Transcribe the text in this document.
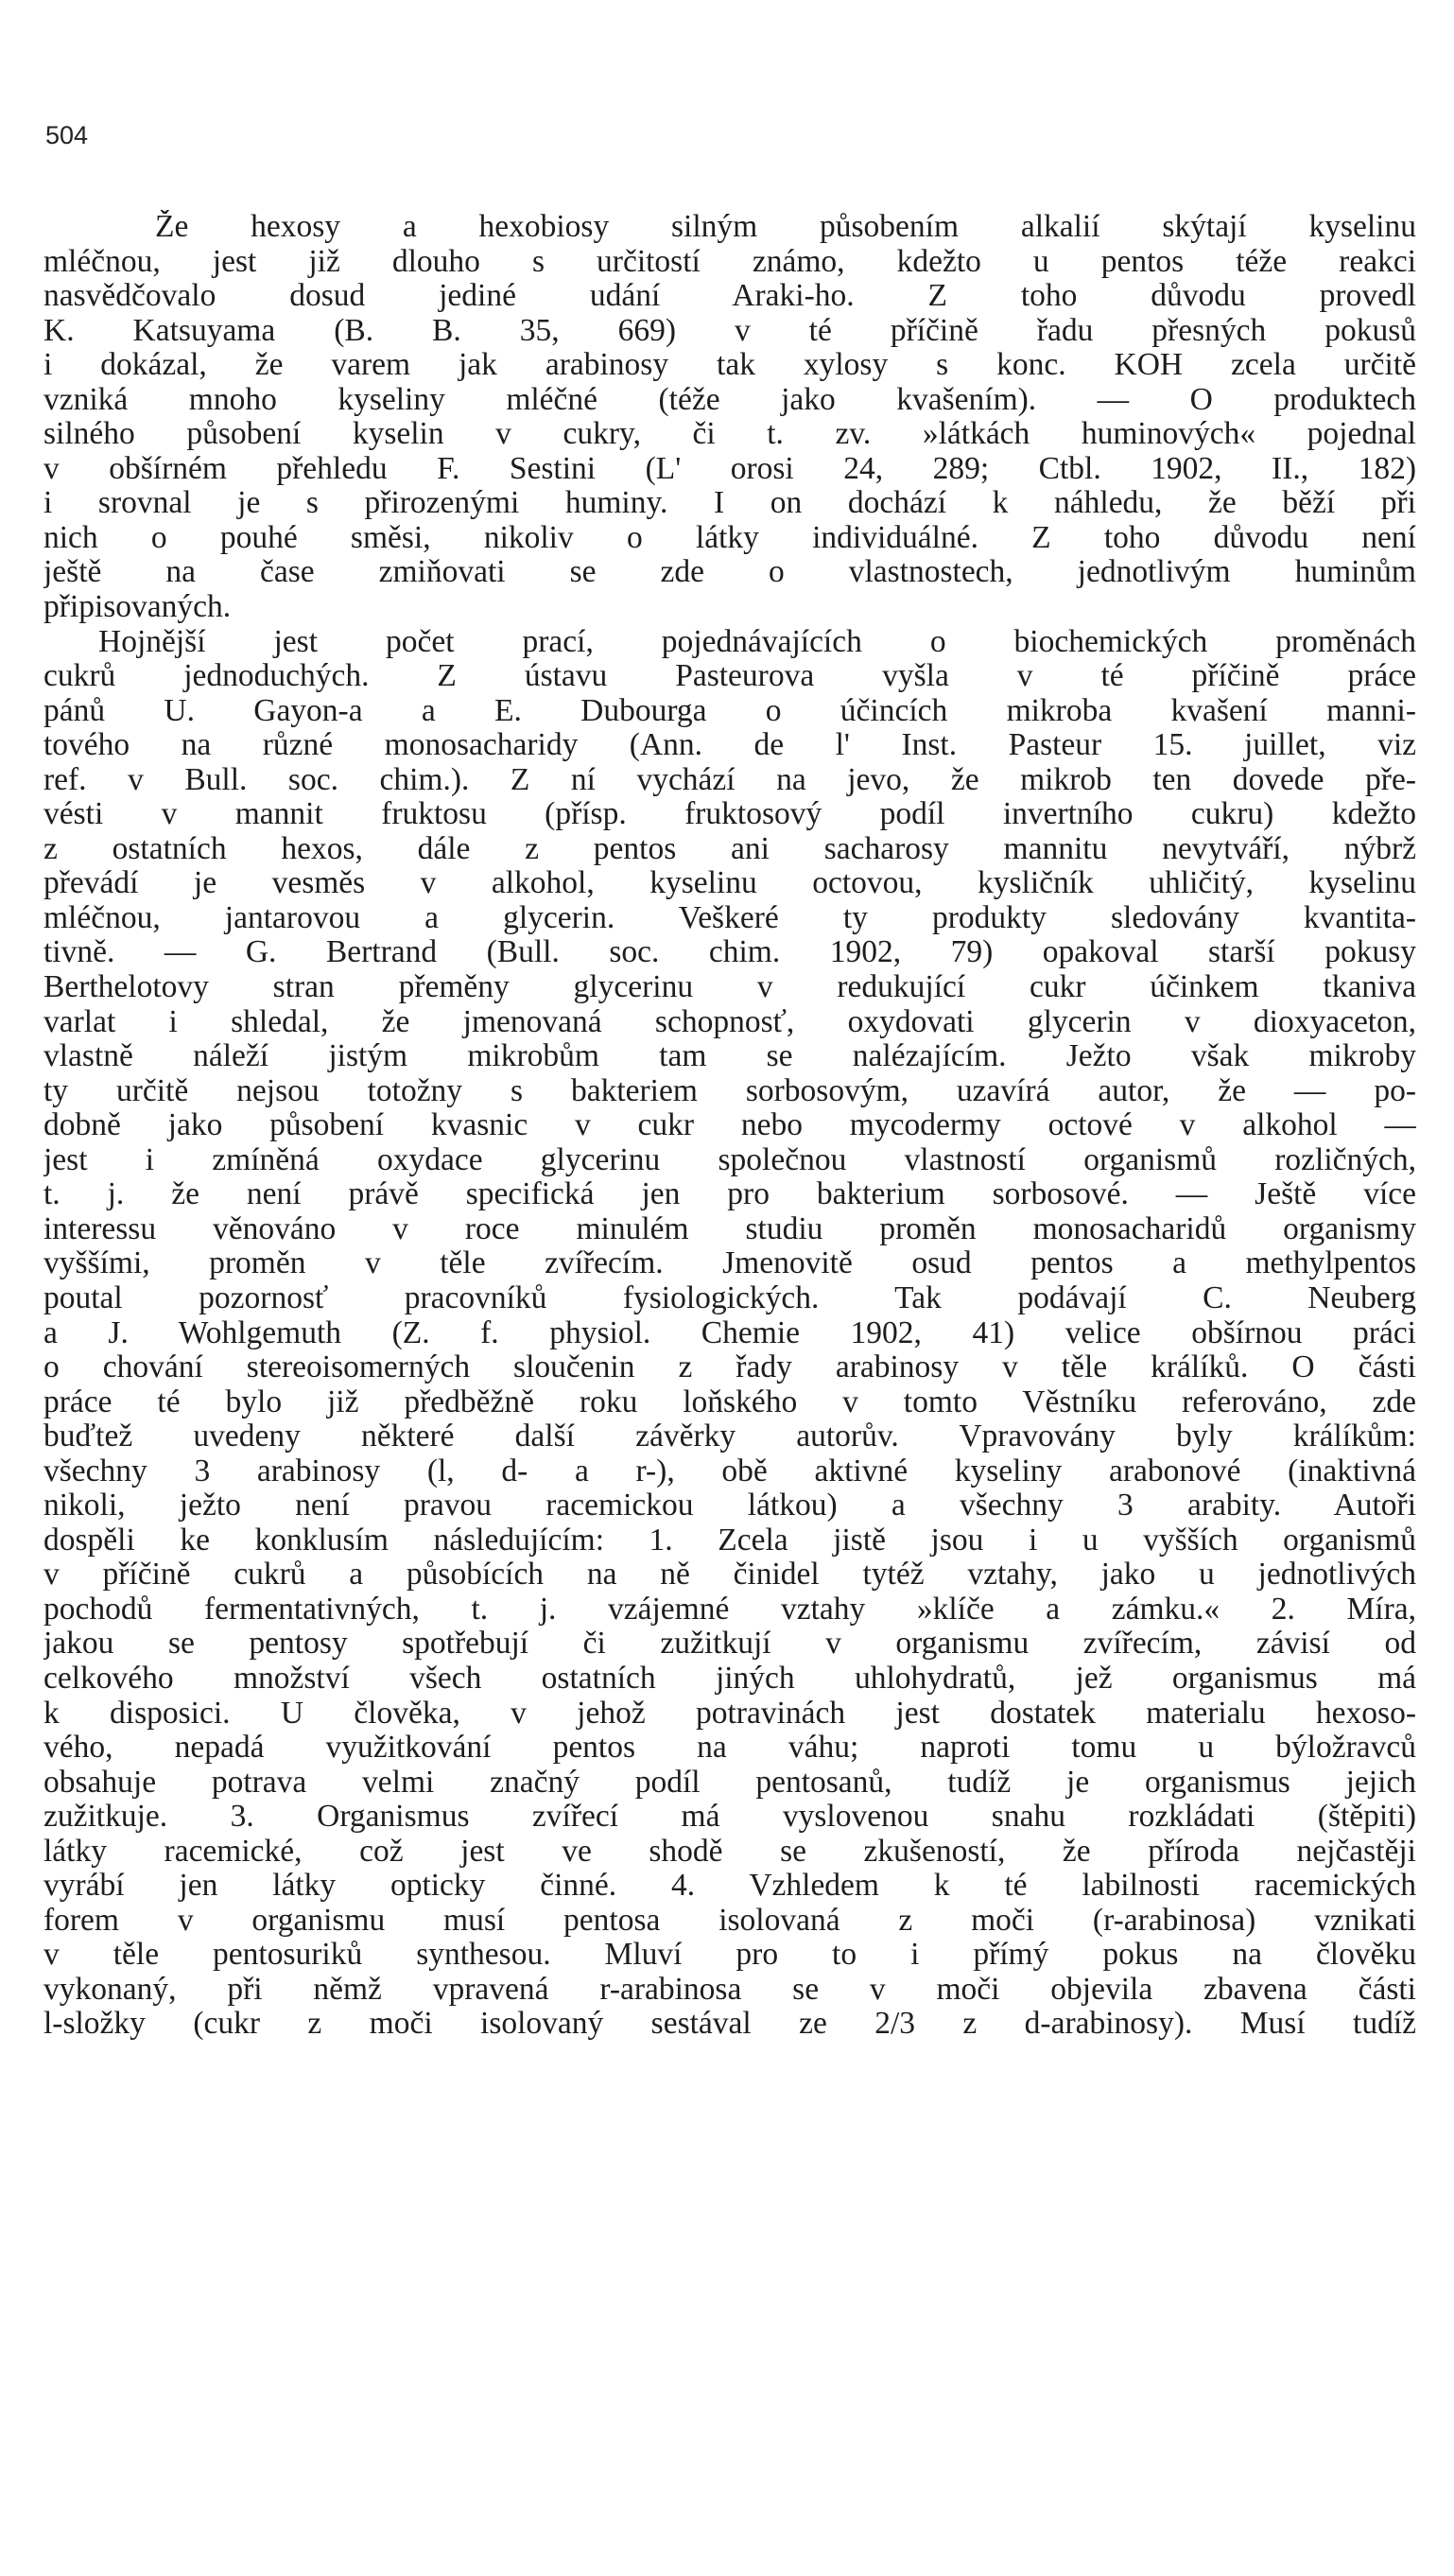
504
Že hexosy a hexobiosy silným působením alkalií skýtají kyselinu
mléčnou, jest již dlouho s určitostí známo, kdežto u pentos téže reakci
nasvědčovalo dosud jediné udání Araki-ho. Z toho důvodu provedl
K. Katsuyama (B. B. 35, 669) v té příčině řadu přesných pokusů
i dokázal, že varem jak arabinosy tak xylosy s konc. KOH zcela určitě
vzniká mnoho kyseliny mléčné (téže jako kvašením). — O produktech
silného působení kyselin v cukry, či t. zv. »látkách huminových« pojednal
v obšírném přehledu F. Sestini (L' orosi 24, 289; Ctbl. 1902, II., 182)
i srovnal je s přirozenými huminy. I on dochází k náhledu, že běží při
nich o pouhé směsi, nikoliv o látky individuálné. Z toho důvodu není
ještě na čase zmiňovati se zde o vlastnostech, jednotlivým huminům
připisovaných.
Hojnější jest počet prací, pojednávajících o biochemických proměnách
cukrů jednoduchých. Z ústavu Pasteurova vyšla v té příčině práce
pánů U. Gayon-a a E. Dubourga o účincích mikroba kvašení manni-
tového na různé monosacharidy (Ann. de l' Inst. Pasteur 15. juillet, viz
ref. v Bull. soc. chim.). Z ní vychází na jevo, že mikrob ten dovede pře-
vésti v mannit fruktosu (přísp. fruktosový podíl invertního cukru) kdežto
z ostatních hexos, dále z pentos ani sacharosy mannitu nevytváří, nýbrž
převádí je vesměs v alkohol, kyselinu octovou, kysličník uhličitý, kyselinu
mléčnou, jantarovou a glycerin. Veškeré ty produkty sledovány kvantita-
tivně. — G. Bertrand (Bull. soc. chim. 1902, 79) opakoval starší pokusy
Berthelotovy stran přeměny glycerinu v redukující cukr účinkem tkaniva
varlat i shledal, že jmenovaná schopnosť, oxydovati glycerin v dioxyaceton,
vlastně náleží jistým mikrobům tam se nalézajícím. Ježto však mikroby
ty určitě nejsou totožny s bakteriem sorbosovým, uzavírá autor, že — po-
dobně jako působení kvasnic v cukr nebo mycodermy octové v alkohol —
jest i zmíněná oxydace glycerinu společnou vlastností organismů rozličných,
t. j. že není právě specifická jen pro bakterium sorbosové. — Ještě více
interessu věnováno v roce minulém studiu proměn monosacharidů organismy
vyššími, proměn v těle zvířecím. Jmenovitě osud pentos a methylpentos
poutal pozornosť pracovníků fysiologických. Tak podávají C. Neuberg
a J. Wohlgemuth (Z. f. physiol. Chemie 1902, 41) velice obšírnou práci
o chování stereoisomerných sloučenin z řady arabinosy v těle králíků. O části
práce té bylo již předběžně roku loňského v tomto Věstníku referováno, zde
buďtež uvedeny některé další závěrky autorův. Vpravovány byly králíkům:
všechny 3 arabinosy (l, d- a r-), obě aktivné kyseliny arabonové (inaktivná
nikoli, ježto není pravou racemickou látkou) a všechny 3 arabity. Autoři
dospěli ke konklusím následujícím: 1. Zcela jistě jsou i u vyšších organismů
v příčině cukrů a působících na ně činidel tytéž vztahy, jako u jednotlivých
pochodů fermentativných, t. j. vzájemné vztahy »klíče a zámku.« 2. Míra,
jakou se pentosy spotřebují či zužitkují v organismu zvířecím, závisí od
celkového množství všech ostatních jiných uhlohydratů, jež organismus má
k disposici. U člověka, v jehož potravinách jest dostatek materialu hexoso-
vého, nepadá využitkování pentos na váhu; naproti tomu u býložravců
obsahuje potrava velmi značný podíl pentosanů, tudíž je organismus jejich
zužitkuje. 3. Organismus zvířecí má vyslovenou snahu rozkládati (štěpiti)
látky racemické, což jest ve shodě se zkušeností, že příroda nejčastěji
vyrábí jen látky opticky činné. 4. Vzhledem k té labilnosti racemických
forem v organismu musí pentosa isolovaná z moči (r-arabinosa) vznikati
v těle pentosuriků synthesou. Mluví pro to i přímý pokus na člověku
vykonaný, při němž vpravená r-arabinosa se v moči objevila zbavena části
l-složky (cukr z moči isolovaný sestával ze 2/3 z d-arabinosy). Musí tudíž
